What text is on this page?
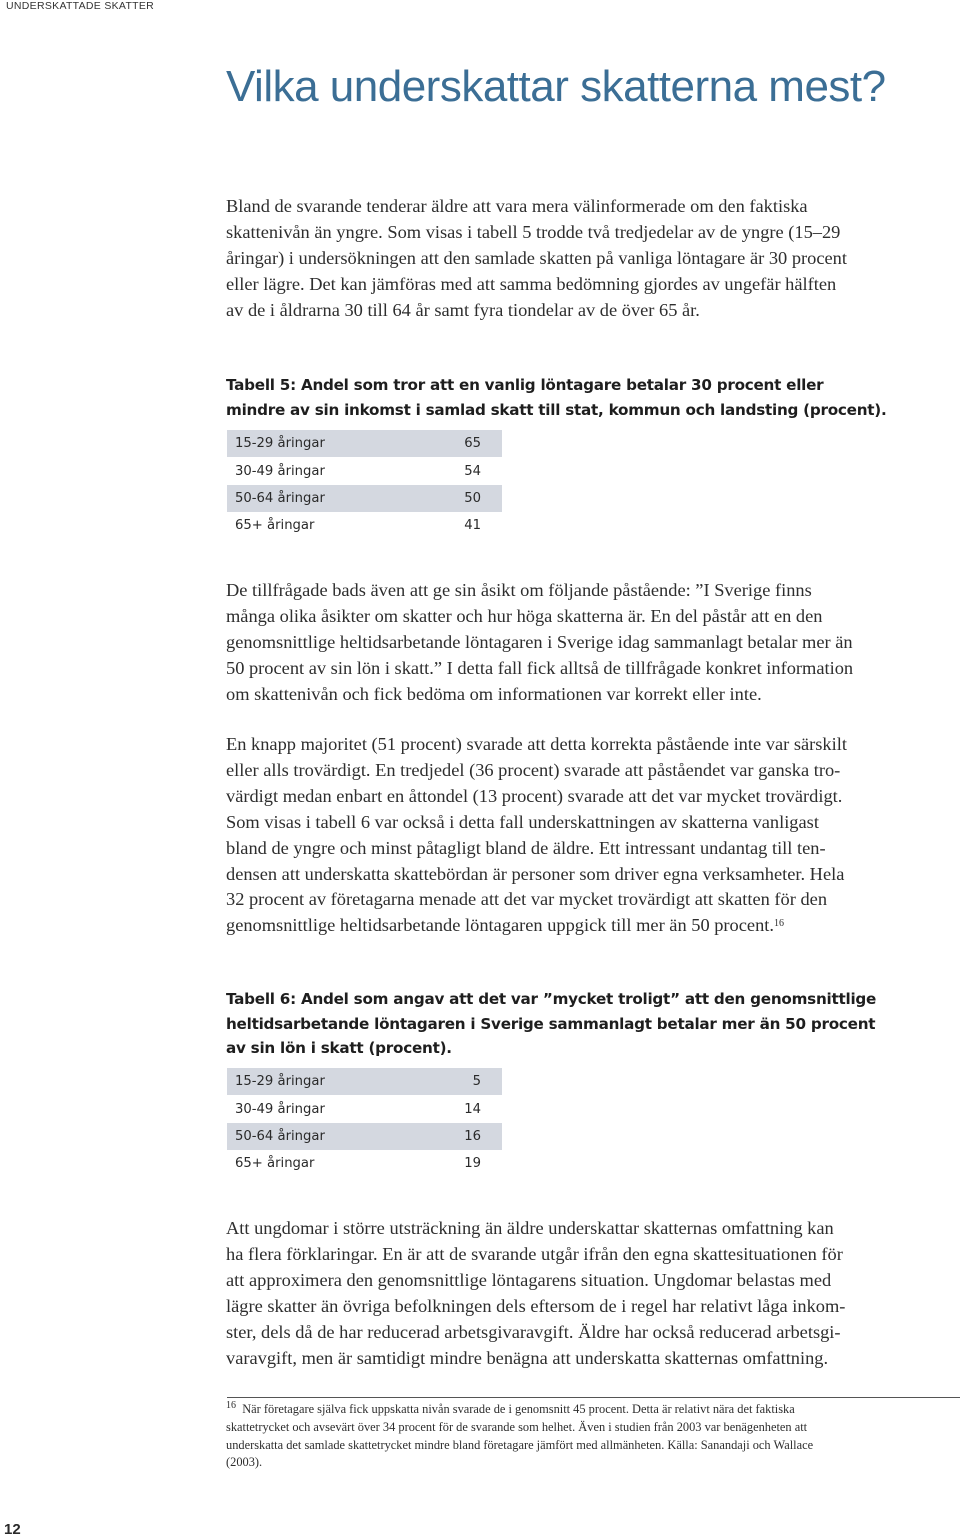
UNDERSKATTADE SKATTER
Vilka underskattar skatterna mest?
Bland de svarande tenderar äldre att vara mera välinformerade om den faktiska
skattenivån än yngre. Som visas i tabell 5 trodde två tredjedelar av de yngre (15–29
åringar) i undersökningen att den samlade skatten på vanliga löntagare är 30 procent
eller lägre. Det kan jämföras med att samma bedömning gjordes av ungefär hälften
av de i åldrarna 30 till 64 år samt fyra tiondelar av de över 65 år.
Tabell 5: Andel som tror att en vanlig löntagare betalar 30 procent eller
mindre av sin inkomst i samlad skatt till stat, kommun och landsting (procent).
15-29 åringar	65
30-49 åringar	54
50-64 åringar	50
65+ åringar	41
De tillfrågade bads även att ge sin åsikt om följande påstående: ”I Sverige finns
många olika åsikter om skatter och hur höga skatterna är. En del påstår att en den
genomsnittlige heltidsarbetande löntagaren i Sverige idag sammanlagt betalar mer än
50 procent av sin lön i skatt.” I detta fall fick alltså de tillfrågade konkret information
om skattenivån och fick bedöma om informationen var korrekt eller inte.
En knapp majoritet (51 procent) svarade att detta korrekta påstående inte var särskilt
eller alls trovärdigt. En tredjedel (36 procent) svarade att påståendet var ganska tro-
värdigt medan enbart en åttondel (13 procent) svarade att det var mycket trovärdigt.
Som visas i tabell 6 var också i detta fall underskattningen av skatterna vanligast
bland de yngre och minst påtagligt bland de äldre. Ett intressant undantag till ten-
densen att underskatta skattebördan är personer som driver egna verksamheter. Hela
32 procent av företagarna menade att det var mycket trovärdigt att skatten för den
genomsnittlige heltidsarbetande löntagaren uppgick till mer än 50 procent.$^{16}$
Tabell 6: Andel som angav att det var ”mycket troligt” att den genomsnittlige
heltidsarbetande löntagaren i Sverige sammanlagt betalar mer än 50 procent
av sin lön i skatt (procent).
15-29 åringar	5
30-49 åringar	14
50-64 åringar	16
65+ åringar	19
Att ungdomar i större utsträckning än äldre underskattar skatternas omfattning kan
ha flera förklaringar. En är att de svarande utgår ifrån den egna skattesituationen för
att approximera den genomsnittlige löntagarens situation. Ungdomar belastas med
lägre skatter än övriga befolkningen dels eftersom de i regel har relativt låga inkom-
ster, dels då de har reducerad arbetsgivaravgift. Äldre har också reducerad arbetsgi-
varavgift, men är samtidigt mindre benägna att underskatta skatternas omfattning.
$^{16}$ När företagare själva fick uppskatta nivån svarade de i genomsnitt 45 procent. Detta är relativt nära det faktiska
skattetrycket och avsevärt över 34 procent för de svarande som helhet. Även i studien från 2003 var benägenheten att
underskatta det samlade skattetrycket mindre bland företagare jämfört med allmänheten. Källa: Sanandaji och Wallace
(2003).
12
